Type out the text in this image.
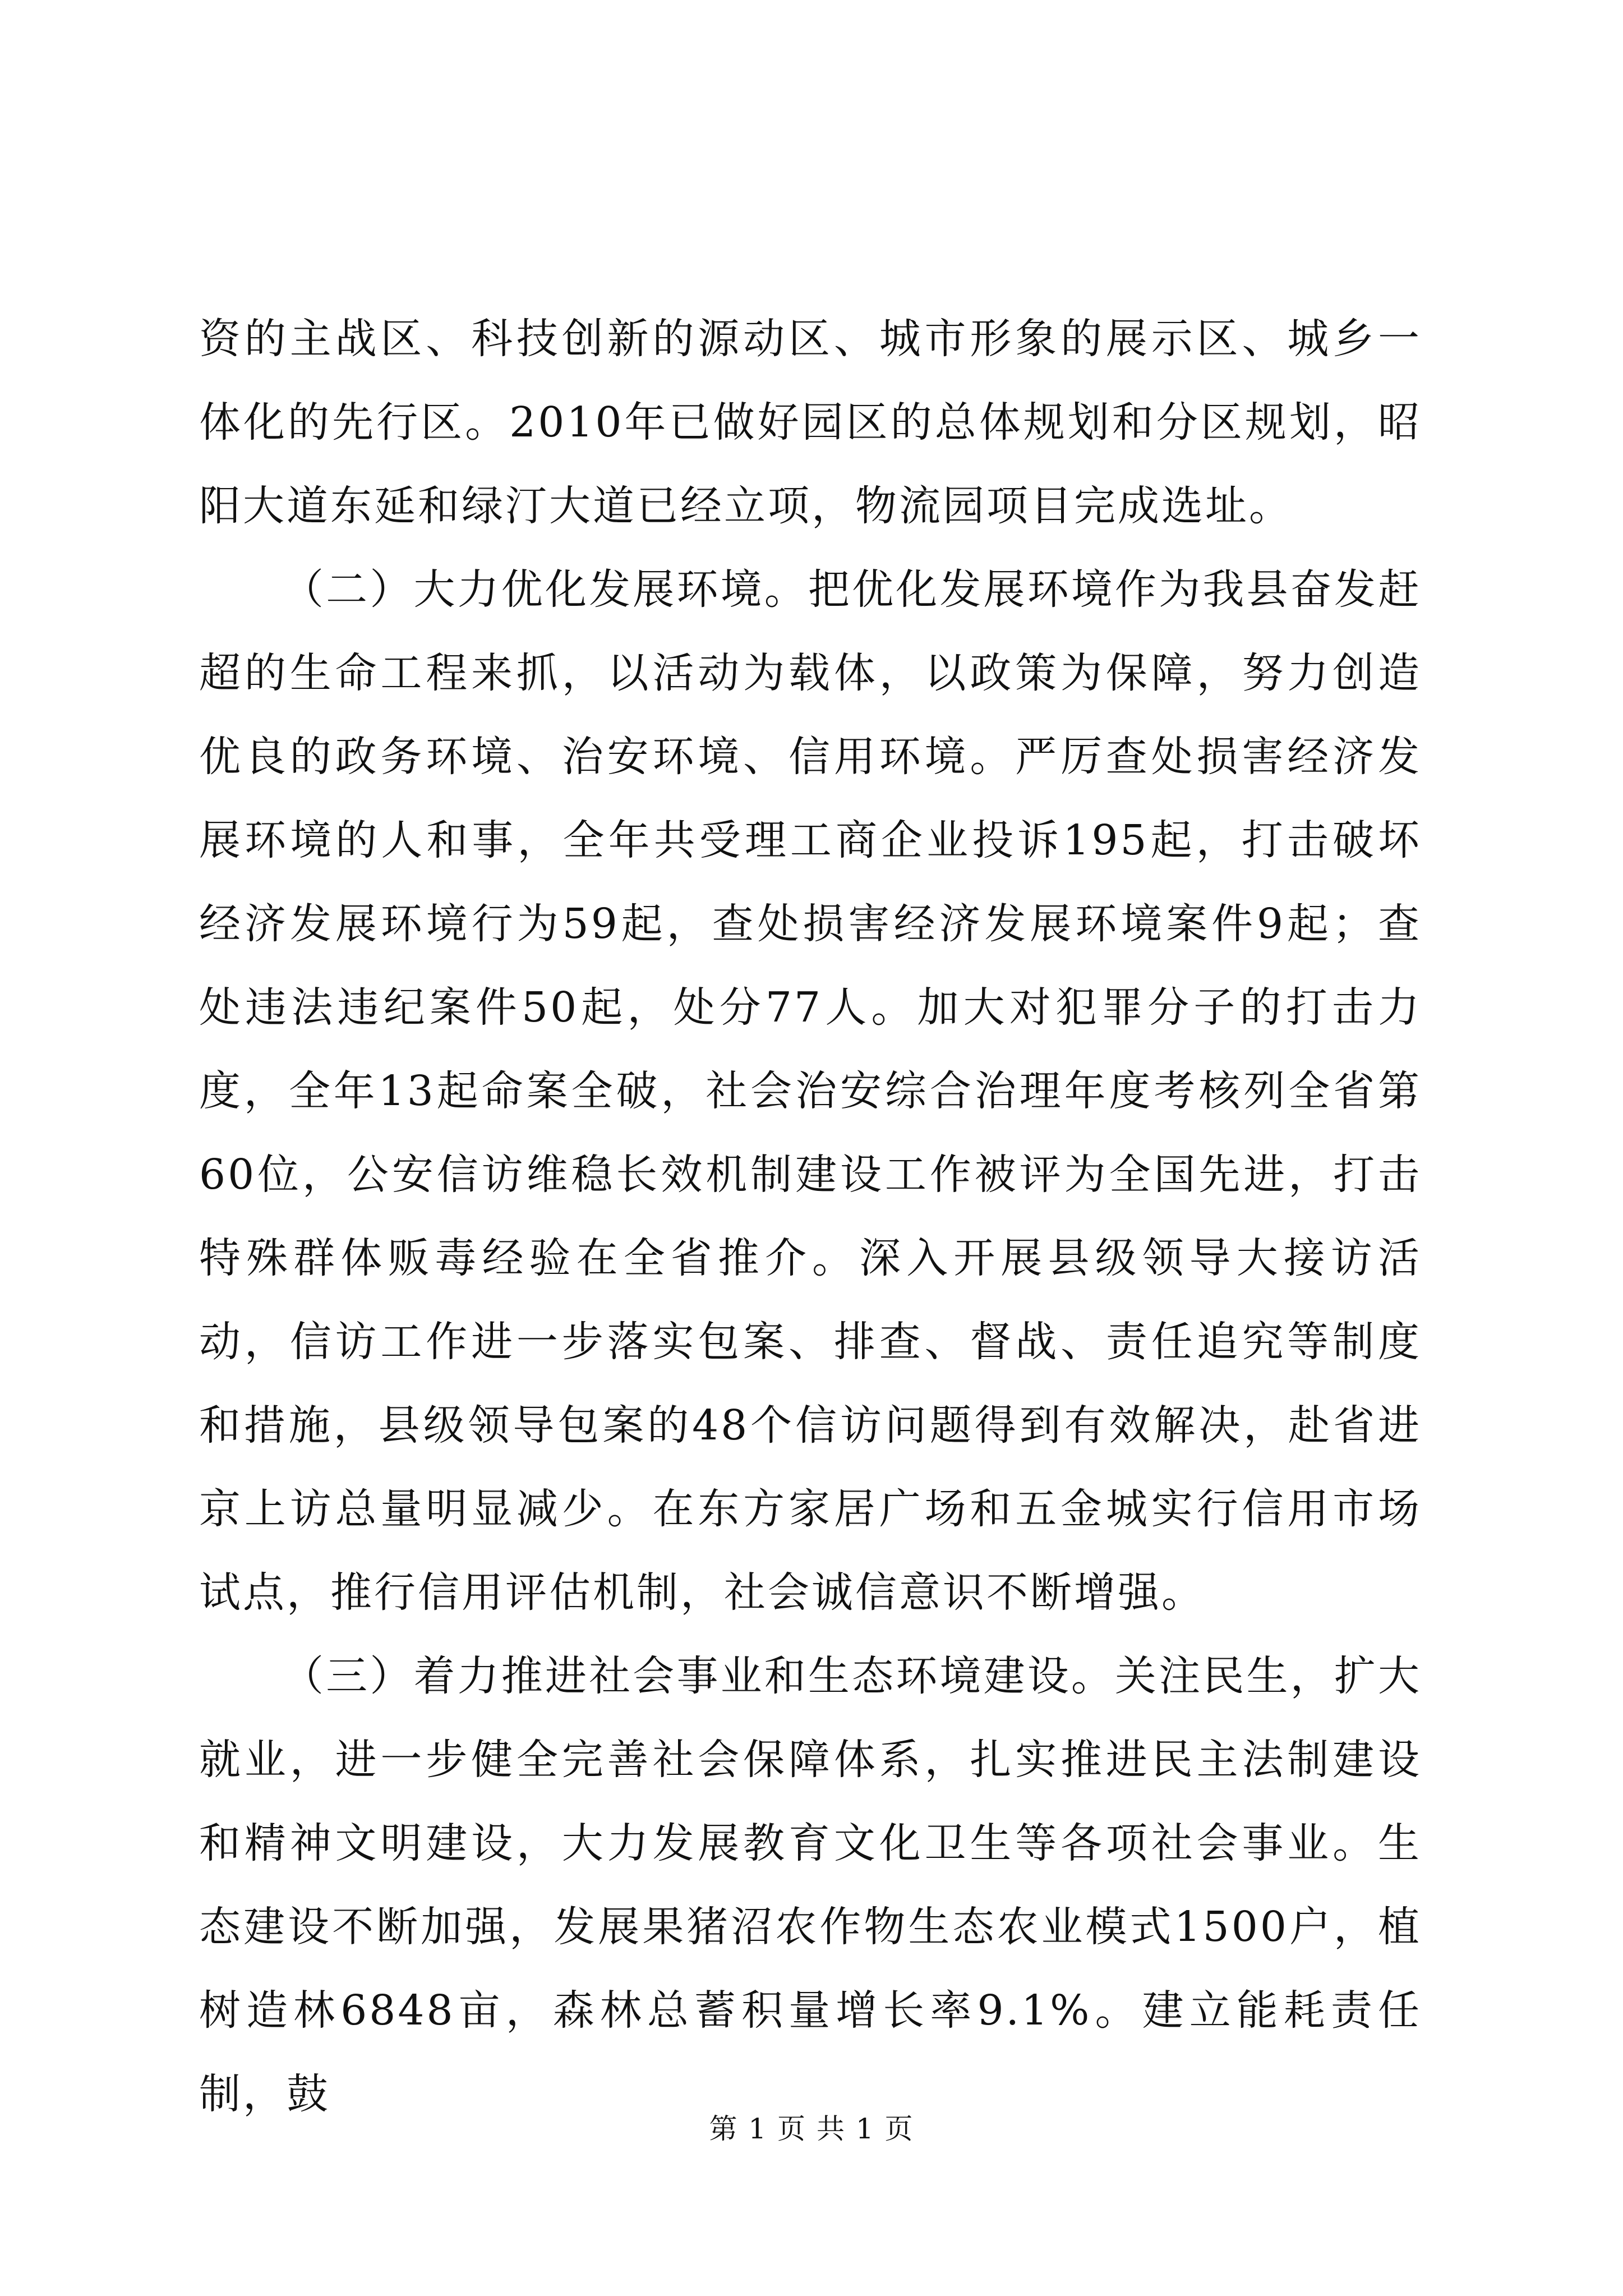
资的主战区、科技创新的源动区、城市形象的展示区、城乡一体化的先行区。2010年已做好园区的总体规划和分区规划，昭阳大道东延和绿汀大道已经立项，物流园项目完成选址。

（二）大力优化发展环境。把优化发展环境作为我县奋发赶超的生命工程来抓，以活动为载体，以政策为保障，努力创造优良的政务环境、治安环境、信用环境。严厉查处损害经济发展环境的人和事，全年共受理工商企业投诉195起，打击破坏经济发展环境行为59起，查处损害经济发展环境案件9起；查处违法违纪案件50起，处分77人。加大对犯罪分子的打击力度，全年13起命案全破，社会治安综合治理年度考核列全省第60位，公安信访维稳长效机制建设工作被评为全国先进，打击特殊群体贩毒经验在全省推介。深入开展县级领导大接访活动，信访工作进一步落实包案、排查、督战、责任追究等制度和措施，县级领导包案的48个信访问题得到有效解决，赴省进京上访总量明显减少。在东方家居广场和五金城实行信用市场试点，推行信用评估机制，社会诚信意识不断增强。

（三）着力推进社会事业和生态环境建设。关注民生，扩大就业，进一步健全完善社会保障体系，扎实推进民主法制建设和精神文明建设，大力发展教育文化卫生等各项社会事业。生态建设不断加强，发展果猪沼农作物生态农业模式1500户，植树造林6848亩，森林总蓄积量增长率9.1%。建立能耗责任制，鼓

第 1 页 共 1 页
